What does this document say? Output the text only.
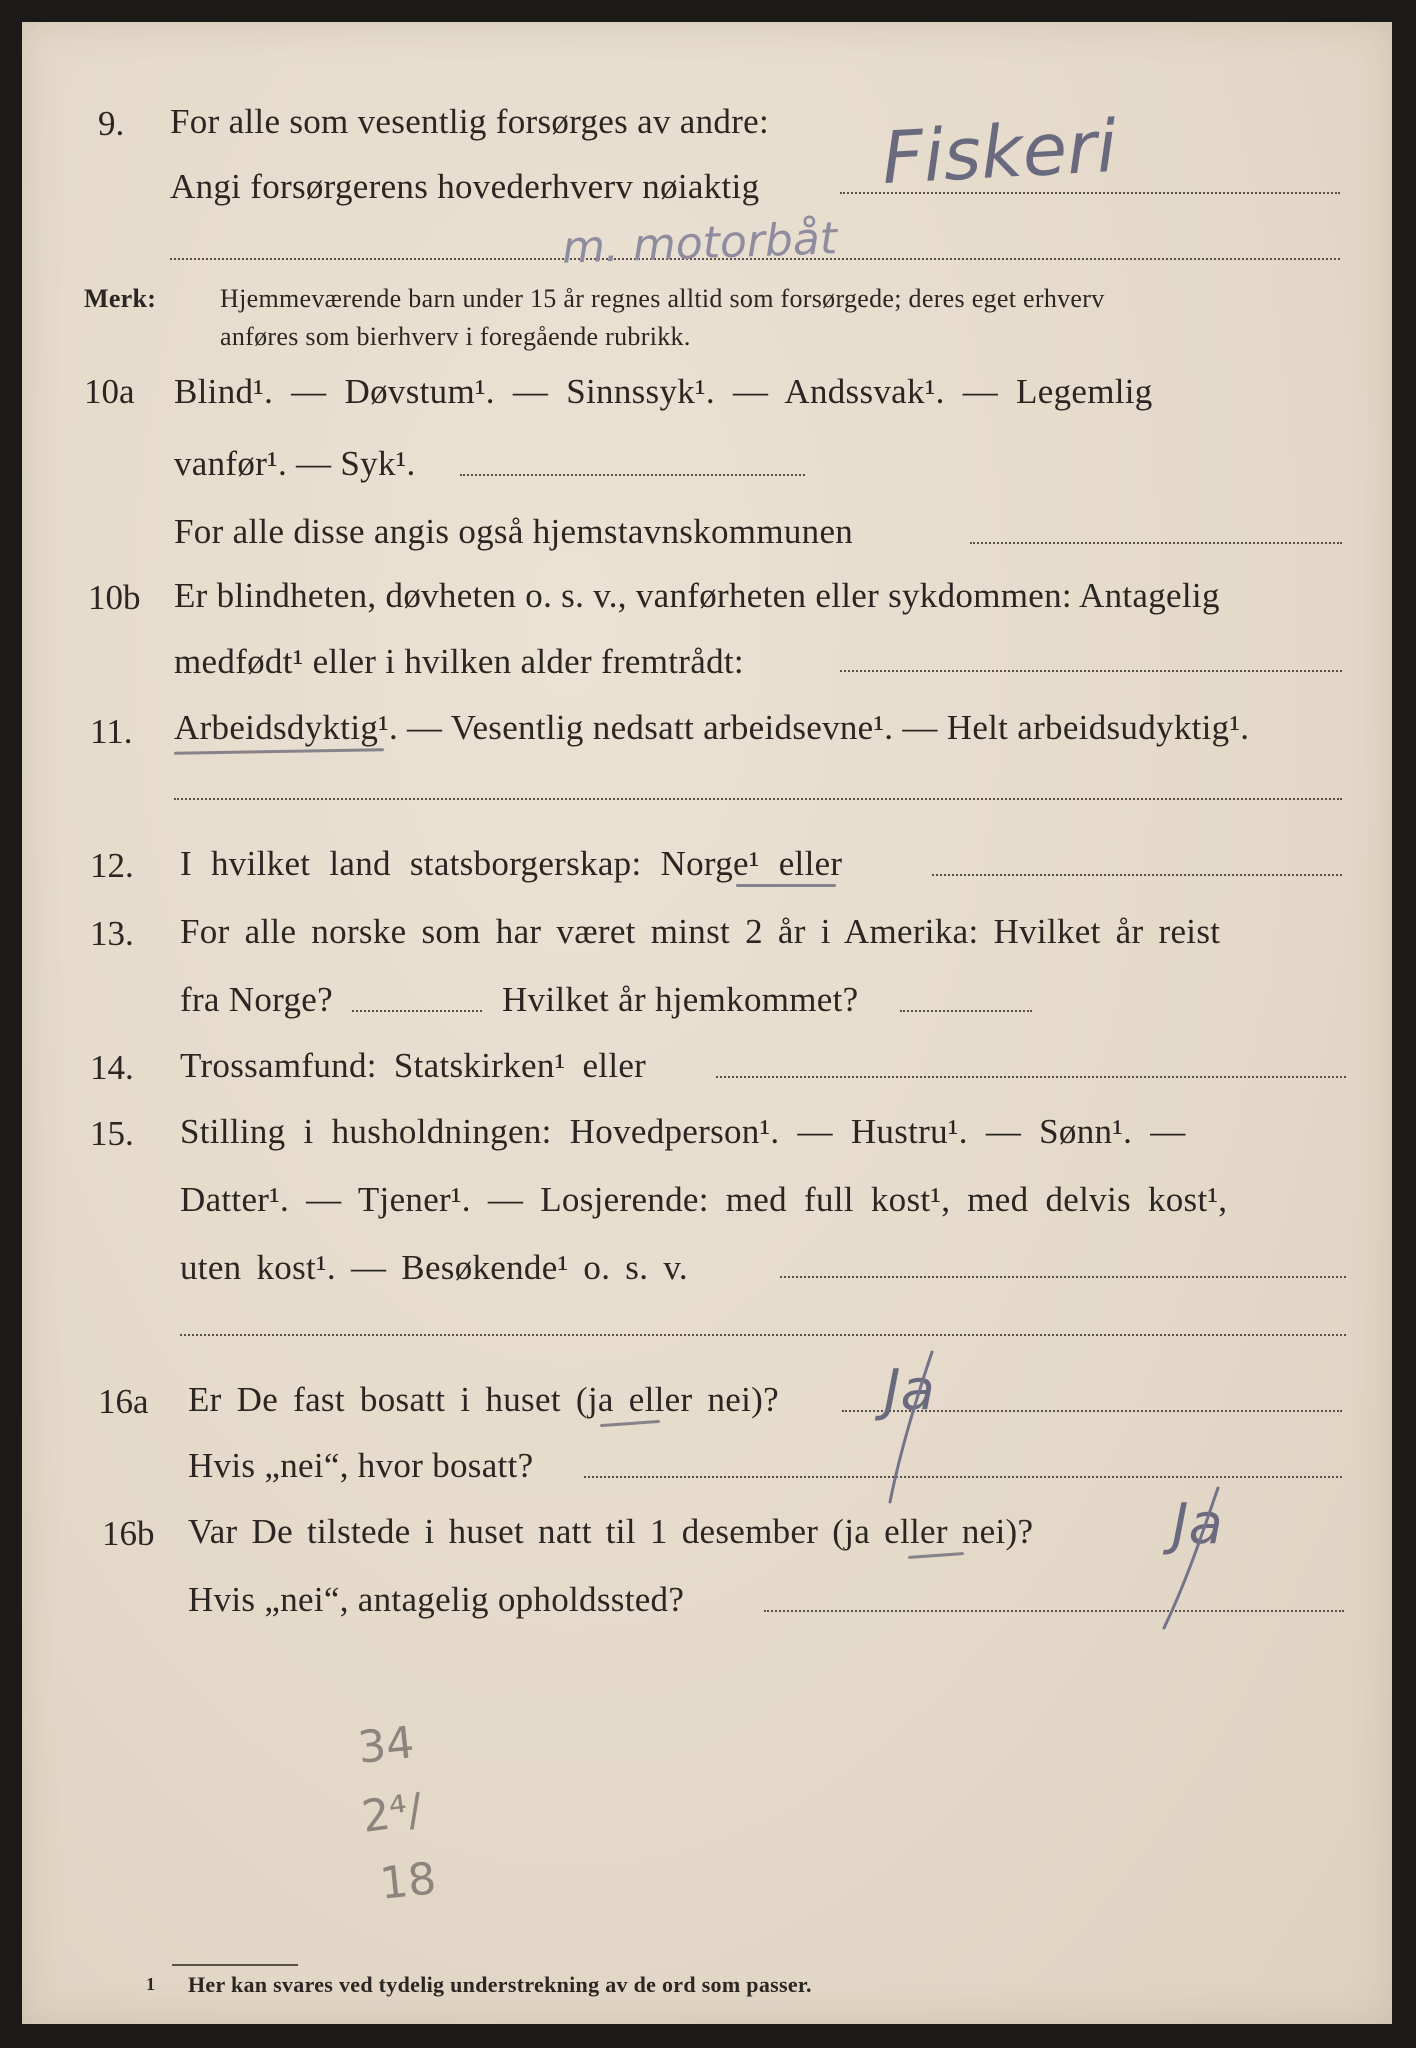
9. For alle som vesentlig forsørges av andre:
Angi forsørgerens hovederhverv nøiaktig Fiskeri
m. motorbåt
Merk: Hjemmeværende barn under 15 år regnes alltid som forsørgede; deres eget erhverv
anføres som bierhverv i foregående rubrikk.
10a Blind¹. — Døvstum¹. — Sinnssyk¹. — Andssvak¹. — Legemlig
vanfør¹. — Syk¹.
For alle disse angis også hjemstavnskommunen
10b Er blindheten, døvheten o. s. v., vanførheten eller sykdommen: Antagelig
medfødt¹ eller i hvilken alder fremtrådt:
11. Arbeidsdyktig¹. — Vesentlig nedsatt arbeidsevne¹. — Helt arbeidsudyktig¹.
12. I hvilket land statsborgerskap: Norge¹ eller
13. For alle norske som har været minst 2 år i Amerika: Hvilket år reist
fra Norge?	Hvilket år hjemkommet?
14. Trossamfund: Statskirken¹ eller
15. Stilling i husholdningen: Hovedperson¹. — Hustru¹. — Sønn¹. —
Datter¹. — Tjener¹. — Losjerende: med full kost¹, med delvis kost¹,
uten kost¹. — Besøkende¹ o. s. v.
16a Er De fast bosatt i huset (ja eller nei)? Ja
Hvis „nei“, hvor bosatt?
16b Var De tilstede i huset natt til 1 desember (ja eller nei)? Ja
Hvis „nei“, antagelig opholdssted?
34
2⁴/
18
1 Her kan svares ved tydelig understrekning av de ord som passer.
